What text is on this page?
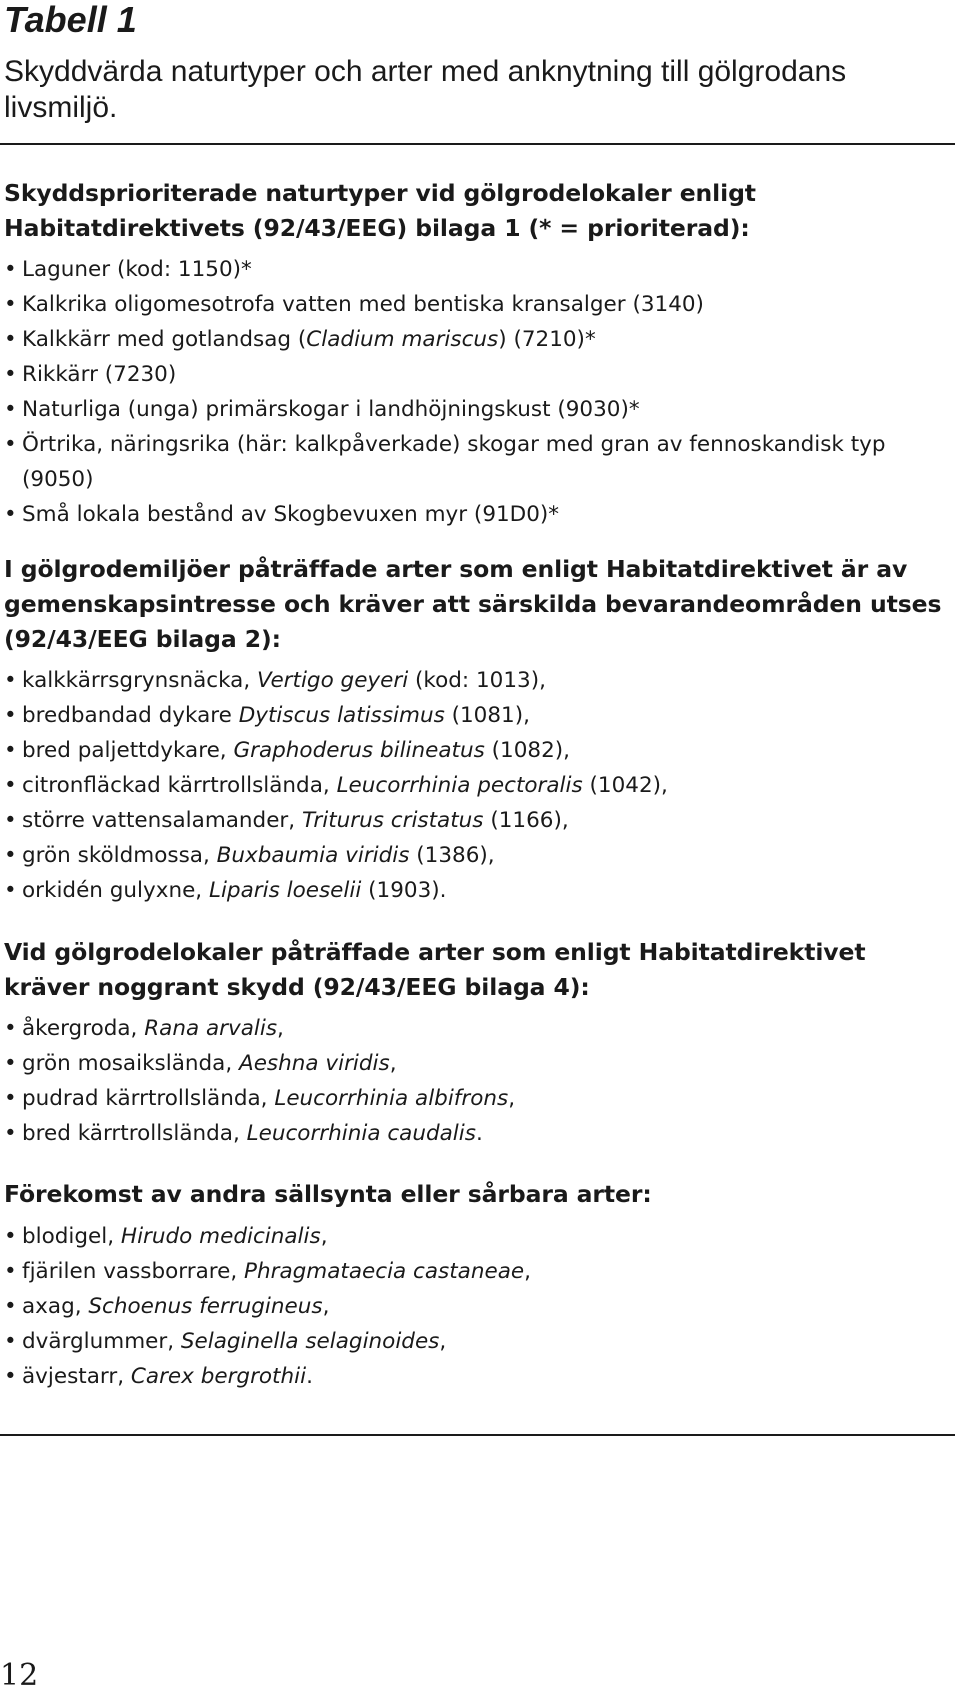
Tabell 1

Skyddvärda naturtyper och arter med anknytning till gölgrodans livsmiljö.

Skyddsprioriterade naturtyper vid gölgrodelokaler enligt Habitatdirektivets (92/43/EEG) bilaga 1 (* = prioriterad):
• Laguner (kod: 1150)*
• Kalkrika oligomesotrofa vatten med bentiska kransalger (3140)
• Kalkkärr med gotlandsag (Cladium mariscus) (7210)*
• Rikkärr (7230)
• Naturliga (unga) primärskogar i landhöjningskust (9030)*
• Örtrika, näringsrika (här: kalkpåverkade) skogar med gran av fennoskandisk typ (9050)
• Små lokala bestånd av Skogbevuxen myr (91D0)*
I gölgrodemiljöer påträffade arter som enligt Habitatdirektivet är av gemenskapsintresse och kräver att särskilda bevarandeområden utses (92/43/EEG bilaga 2):
• kalkkärrsgrynsnäcka, Vertigo geyeri (kod: 1013),
• bredbandad dykare Dytiscus latissimus (1081),
• bred paljettdykare, Graphoderus bilineatus (1082),
• citronfläckad kärrtrollslända, Leucorrhinia pectoralis (1042),
• större vattensalamander, Triturus cristatus (1166),
• grön sköldmossa, Buxbaumia viridis (1386),
• orkidén gulyxne, Liparis loeselii (1903).
Vid gölgrodelokaler påträffade arter som enligt Habitatdirektivet kräver noggrant skydd (92/43/EEG bilaga 4):
• åkergroda, Rana arvalis,
• grön mosaikslända, Aeshna viridis,
• pudrad kärrtrollslända, Leucorrhinia albifrons,
• bred kärrtrollslända, Leucorrhinia caudalis.
Förekomst av andra sällsynta eller sårbara arter:
• blodigel, Hirudo medicinalis,
• fjärilen vassborrare, Phragmataecia castaneae,
• axag, Schoenus ferrugineus,
• dvärglummer, Selaginella selaginoides,
• ävjestarr, Carex bergrothii.

12
